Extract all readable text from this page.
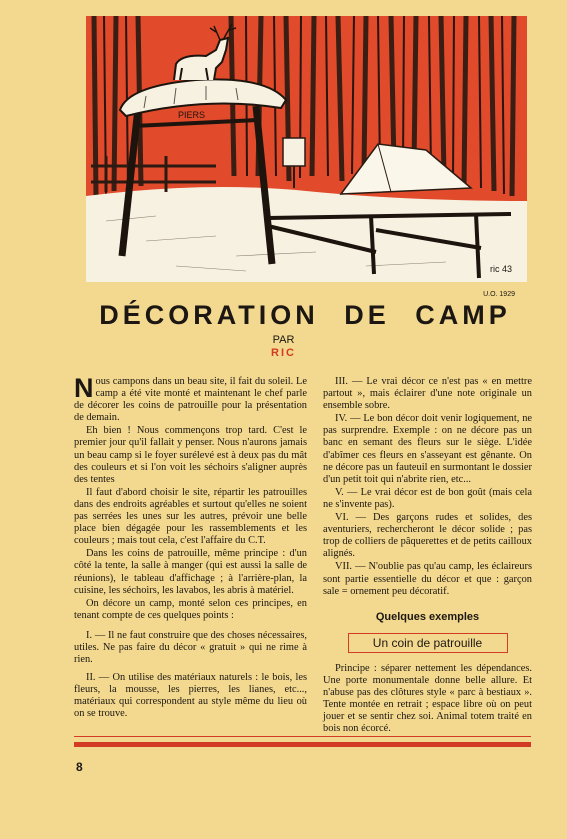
PIERS
ric 43
U.O. 1929
DÉCORATION DE CAMP
PAR
RIC

Nous campons dans un beau site, il fait du soleil. Le camp a été vite monté et maintenant le chef parle de décorer les coins de patrouille pour la présentation de demain.

Eh bien ! Nous commençons trop tard. C'est le premier jour qu'il fallait y penser. Nous n'aurons jamais un beau camp si le foyer surélevé est à deux pas du mât des couleurs et si l'on voit les séchoirs s'aligner auprès des tentes

Il faut d'abord choisir le site, répartir les patrouilles dans des endroits agréables et surtout qu'elles ne soient pas serrées les unes sur les autres, prévoir une belle place bien dégagée pour les rassemblements et les couleurs ; mais tout cela, c'est l'affaire du C.T.

Dans les coins de patrouille, même principe : d'un côté la tente, la salle à manger (qui est aussi la salle de réunions), le tableau d'affichage ; à l'arrière-plan, la cuisine, les séchoirs, les lavabos, les abris à matériel.

On décore un camp, monté selon ces principes, en tenant compte de ces quelques points :

I. — Il ne faut construire que des choses nécessaires, utiles. Ne pas faire du décor « gratuit » qui ne rime à rien.

II. — On utilise des matériaux naturels : le bois, les fleurs, la mousse, les pierres, les lianes, etc..., matériaux qui correspondent au style même du lieu où on se trouve.

III. — Le vrai décor ce n'est pas « en mettre partout », mais éclairer d'une note originale un ensemble sobre.

IV. — Le bon décor doit venir logiquement, ne pas surprendre. Exemple : on ne décore pas un banc en semant des fleurs sur le siège. L'idée d'abîmer ces fleurs en s'asseyant est gênante. On ne décore pas un fauteuil en surmontant le dossier d'un petit toit qui n'abrite rien, etc...

V. — Le vrai décor est de bon goût (mais cela ne s'invente pas).

VI. — Des garçons rudes et solides, des aventuriers, rechercheront le décor solide ; pas trop de colliers de pâquerettes et de petits cailloux alignés.

VII. — N'oublie pas qu'au camp, les éclaireurs sont partie essentielle du décor et que : garçon sale = ornement peu décoratif.

Quelques exemples
Un coin de patrouille

Principe : séparer nettement les dépendances. Une porte monumentale donne belle allure. Et n'abuse pas des clôtures style « parc à bestiaux ». Tente montée en retrait ; espace libre où on peut jouer et se sentir chez soi. Animal totem traité en bois non écorcé.

8
